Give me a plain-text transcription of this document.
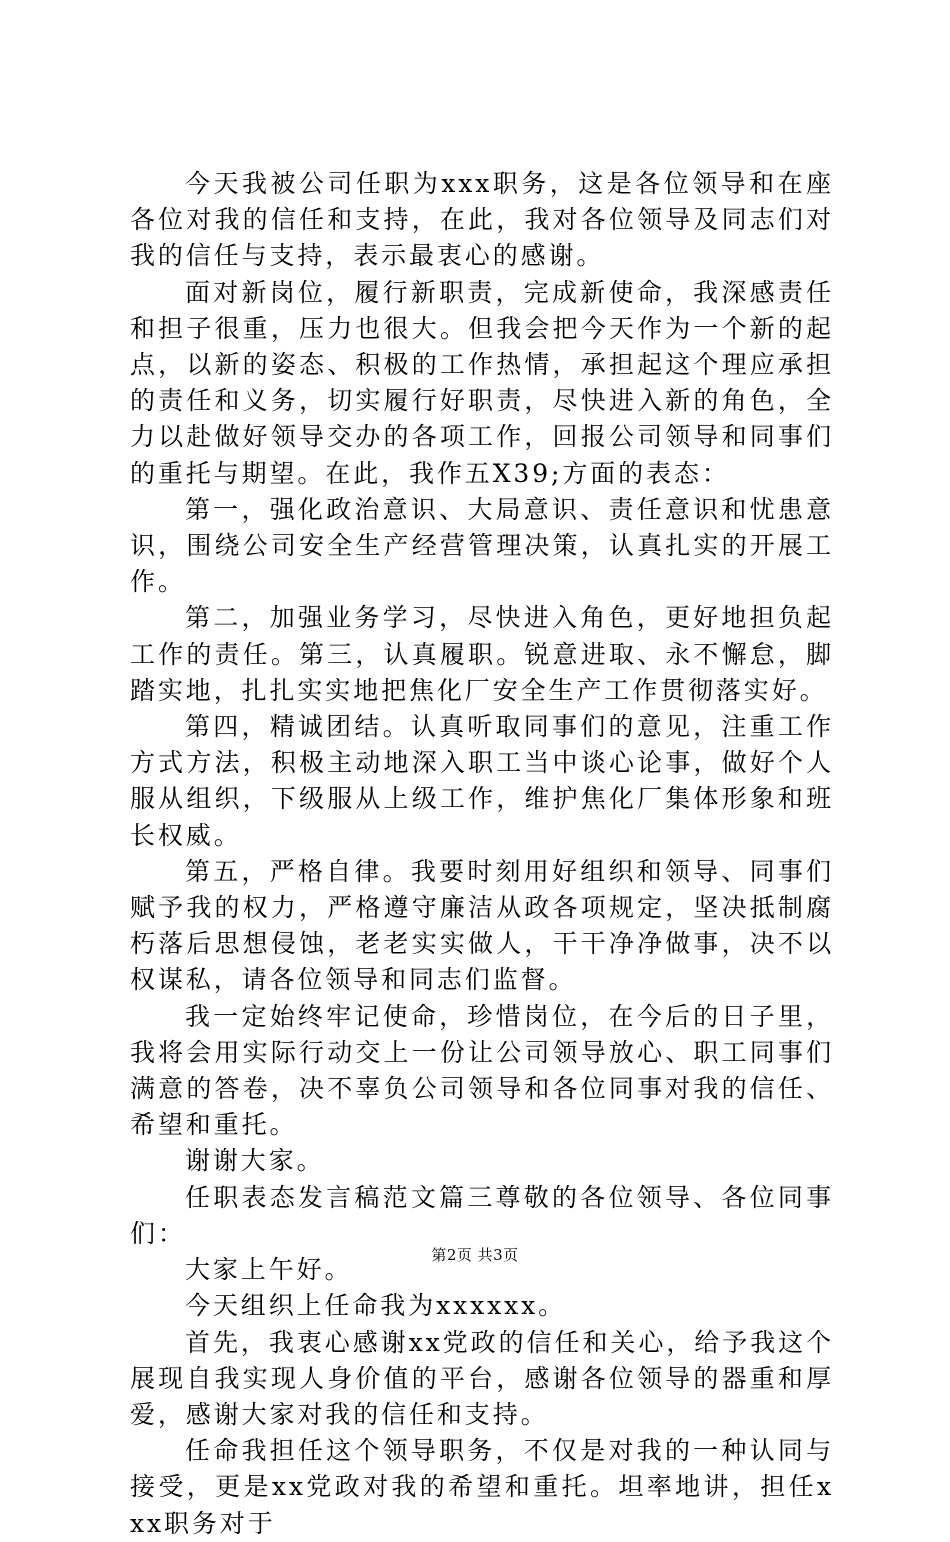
今天我被公司任职为xxx职务，这是各位领导和在座各位对我的信任和支持，在此，我对各位领导及同志们对我的信任与支持，表示最衷心的感谢。

面对新岗位，履行新职责，完成新使命，我深感责任和担子很重，压力也很大。但我会把今天作为一个新的起点，以新的姿态、积极的工作热情，承担起这个理应承担的责任和义务，切实履行好职责，尽快进入新的角色，全力以赴做好领导交办的各项工作，回报公司领导和同事们的重托与期望。在此，我作五X39;方面的表态：

第一，强化政治意识、大局意识、责任意识和忧患意识，围绕公司安全生产经营管理决策，认真扎实的开展工作。

第二，加强业务学习，尽快进入角色，更好地担负起工作的责任。第三，认真履职。锐意进取、永不懈怠，脚踏实地，扎扎实实地把焦化厂安全生产工作贯彻落实好。

第四，精诚团结。认真听取同事们的意见，注重工作方式方法，积极主动地深入职工当中谈心论事，做好个人服从组织，下级服从上级工作，维护焦化厂集体形象和班长权威。

第五，严格自律。我要时刻用好组织和领导、同事们赋予我的权力，严格遵守廉洁从政各项规定，坚决抵制腐朽落后思想侵蚀，老老实实做人，干干净净做事，决不以权谋私，请各位领导和同志们监督。

我一定始终牢记使命，珍惜岗位，在今后的日子里，我将会用实际行动交上一份让公司领导放心、职工同事们满意的答卷，决不辜负公司领导和各位同事对我的信任、希望和重托。

谢谢大家。

任职表态发言稿范文篇三尊敬的各位领导、各位同事们：

大家上午好。

今天组织上任命我为xxxxxx。

首先，我衷心感谢xx党政的信任和关心，给予我这个展现自我实现人身价值的平台，感谢各位领导的器重和厚爱，感谢大家对我的信任和支持。

任命我担任这个领导职务，不仅是对我的一种认同与接受，更是xx党政对我的希望和重托。坦率地讲，担任xxx职务对于

第2页 共3页
